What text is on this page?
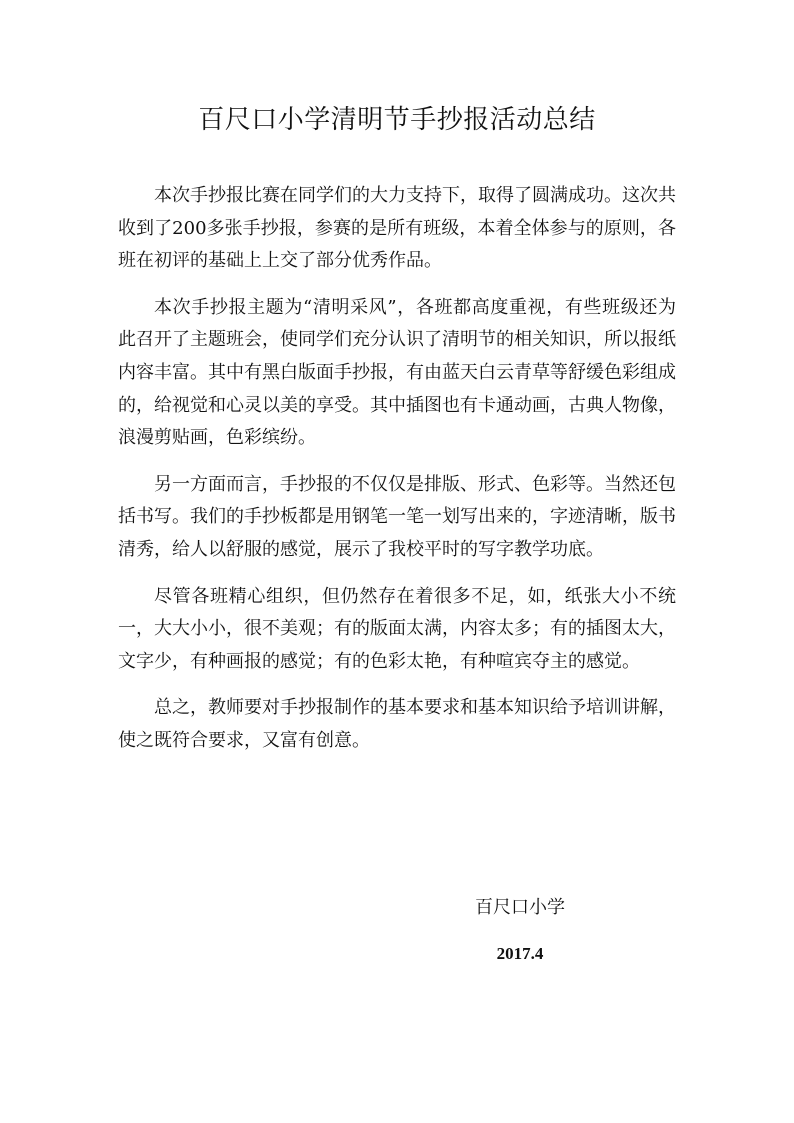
百尺口小学清明节手抄报活动总结

本次手抄报比赛在同学们的大力支持下，取得了圆满成功。这次共收到了200多张手抄报，参赛的是所有班级，本着全体参与的原则，各班在初评的基础上上交了部分优秀作品。

本次手抄报主题为“清明采风”，各班都高度重视，有些班级还为此召开了主题班会，使同学们充分认识了清明节的相关知识，所以报纸内容丰富。其中有黑白版面手抄报，有由蓝天白云青草等舒缓色彩组成的，给视觉和心灵以美的享受。其中插图也有卡通动画，古典人物像，浪漫剪贴画，色彩缤纷。

另一方面而言，手抄报的不仅仅是排版、形式、色彩等。当然还包括书写。我们的手抄板都是用钢笔一笔一划写出来的，字迹清晰，版书清秀，给人以舒服的感觉，展示了我校平时的写字教学功底。

尽管各班精心组织，但仍然存在着很多不足，如，纸张大小不统一，大大小小，很不美观；有的版面太满，内容太多；有的插图太大，文字少，有种画报的感觉；有的色彩太艳，有种喧宾夺主的感觉。

总之，教师要对手抄报制作的基本要求和基本知识给予培训讲解，使之既符合要求，又富有创意。

百尺口小学

2017.4
